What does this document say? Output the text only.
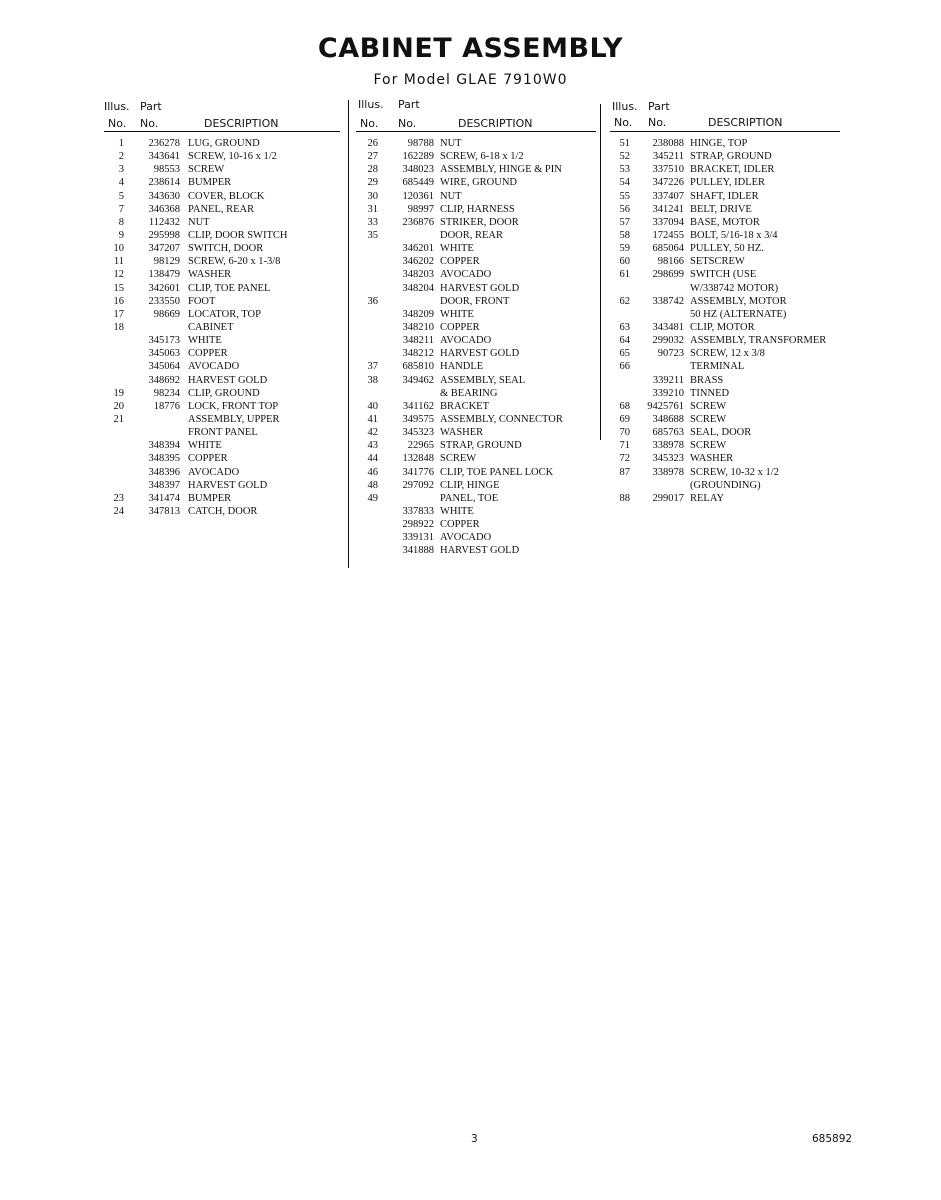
CABINET ASSEMBLY
For Model GLAE 7910W0
Illus. Part
No. No.	DESCRIPTION
1	236278 LUG, GROUND
2	343641 SCREW, 10-16 x 1/2
3	98553 SCREW
4	238614 BUMPER
5	343630 COVER, BLOCK
7	346368 PANEL, REAR
8	112432 NUT
9	295998 CLIP, DOOR SWITCH
10	347207 SWITCH, DOOR
11	98129 SCREW, 6-20 x 1-3/8
12	138479 WASHER
15	342601 CLIP, TOE PANEL
16	233550 FOOT
17	98669 LOCATOR, TOP
18	CABINET
345173 WHITE
345063 COPPER
345064 AVOCADO
348692 HARVEST GOLD
19	98234 CLIP, GROUND
20	18776 LOCK, FRONT TOP
21	ASSEMBLY, UPPER
FRONT PANEL
348394 WHITE
348395 COPPER
348396 AVOCADO
348397 HARVEST GOLD
23	341474 BUMPER
24	347813 CATCH, DOOR
Illus. Part
No. No.	DESCRIPTION
26	98788 NUT
27	162289 SCREW, 6-18 x 1/2
28	348023 ASSEMBLY, HINGE & PIN
29	685449 WIRE, GROUND
30	120361 NUT
31	98997 CLIP, HARNESS
33	236876 STRIKER, DOOR
35	DOOR, REAR
346201 WHITE
346202 COPPER
348203 AVOCADO
348204 HARVEST GOLD
36	DOOR, FRONT
348209 WHITE
348210 COPPER
348211 AVOCADO
348212 HARVEST GOLD
37	685810 HANDLE
38	349462 ASSEMBLY, SEAL
& BEARING
40	341162 BRACKET
41	349575 ASSEMBLY, CONNECTOR
42	345323 WASHER
43	22965 STRAP, GROUND
44	132848 SCREW
46	341776 CLIP, TOE PANEL LOCK
48	297092 CLIP, HINGE
49	PANEL, TOE
337833 WHITE
298922 COPPER
339131 AVOCADO
341888 HARVEST GOLD
Illus. Part
No. No.	DESCRIPTION
51	238088 HINGE, TOP
52	345211 STRAP, GROUND
53	337510 BRACKET, IDLER
54	347226 PULLEY, IDLER
55	337407 SHAFT, IDLER
56	341241 BELT, DRIVE
57	337094 BASE, MOTOR
58	172455 BOLT, 5/16-18 x 3/4
59	685064 PULLEY, 50 HZ.
60	98166 SETSCREW
61	298699 SWITCH (USE
W/338742 MOTOR)
62	338742 ASSEMBLY, MOTOR
50 HZ (ALTERNATE)
63	343481 CLIP, MOTOR
64	299032 ASSEMBLY, TRANSFORMER
65	90723 SCREW, 12 x 3/8
66	TERMINAL
339211 BRASS
339210 TINNED
68	9425761 SCREW
69	348688 SCREW
70	685763 SEAL, DOOR
71	338978 SCREW
72	345323 WASHER
87	338978 SCREW, 10-32 x 1/2
(GROUNDING)
88	299017 RELAY
3	685892
